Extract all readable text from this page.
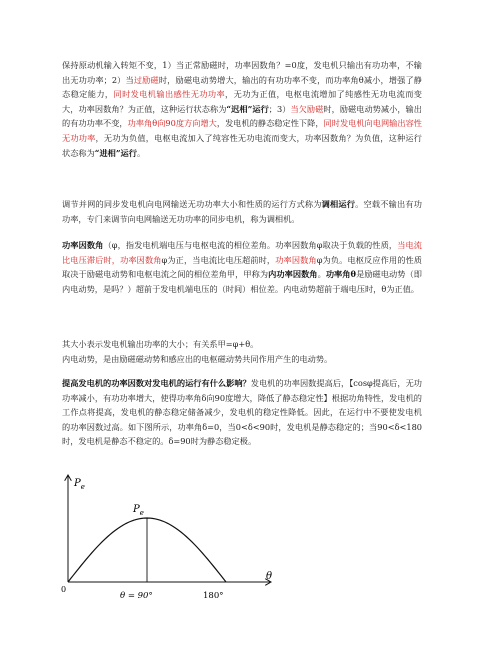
保持原动机输入转矩不变，1）当正常励磁时，功率因数角？=0度，发电机只输出有功功率，不输出无功功率；2）当过励磁时，励磁电动势增大，输出的有功功率不变，而功率角θ减小，增强了静态稳定能力，同时发电机输出感性无功功率，无功为正值，电枢电流增加了纯感性无功电流而变大，功率因数角？为正值，这种运行状态称为“迟相”运行；3）当欠励磁时，励磁电动势减小，输出的有功功率不变，功率角θ向90度方向增大，发电机的静态稳定性下降，同时发电机向电网输出容性无功功率，无功为负值，电枢电流加入了纯容性无功电流而变大，功率因数角？为负值，这种运行状态称为“进相”运行。

调节并网的同步发电机向电网输送无功功率大小和性质的运行方式称为调相运行。空载不输出有功功率，专门来调节向电网输送无功功率的同步电机，称为调相机。

功率因数角（φ，指发电机端电压与电枢电流的相位差角。功率因数角φ取决于负载的性质，当电流比电压滞后时，功率因数角φ为正，当电流比电压超前时，功率因数角φ为负。电枢反应作用的性质取决于励磁电动势和电枢电流之间的相位差角甲，甲称为内功率因数角。功率角θ是励磁电动势（即内电动势，是吗？）超前于发电机端电压的（时间）相位差。内电动势超前于端电压时，θ为正值。

其大小表示发电机输出功率的大小；有关系甲=φ+θ。

内电动势，是由励磁磁动势和感应出的电枢磁动势共同作用产生的电动势。

提高发电机的功率因数对发电机的运行有什么影响？发电机的功率因数提高后，【cosφ提高后，无功功率减小，有功功率增大，使得功率角δ向90度增大，降低了静态稳定性】根据功角特性，发电机的工作点将提高，发电机的静态稳定储备减少，发电机的稳定性降低。因此，在运行中不要使发电机的功率因数过高。如下图所示，功率角δ=0，当0<δ<90时，发电机是静态稳定的；当90<δ<180时，发电机是静态不稳定的。δ=90时为静态稳定极。

$P_e$
θ
0
$P_e$
θ = 90°	180°
